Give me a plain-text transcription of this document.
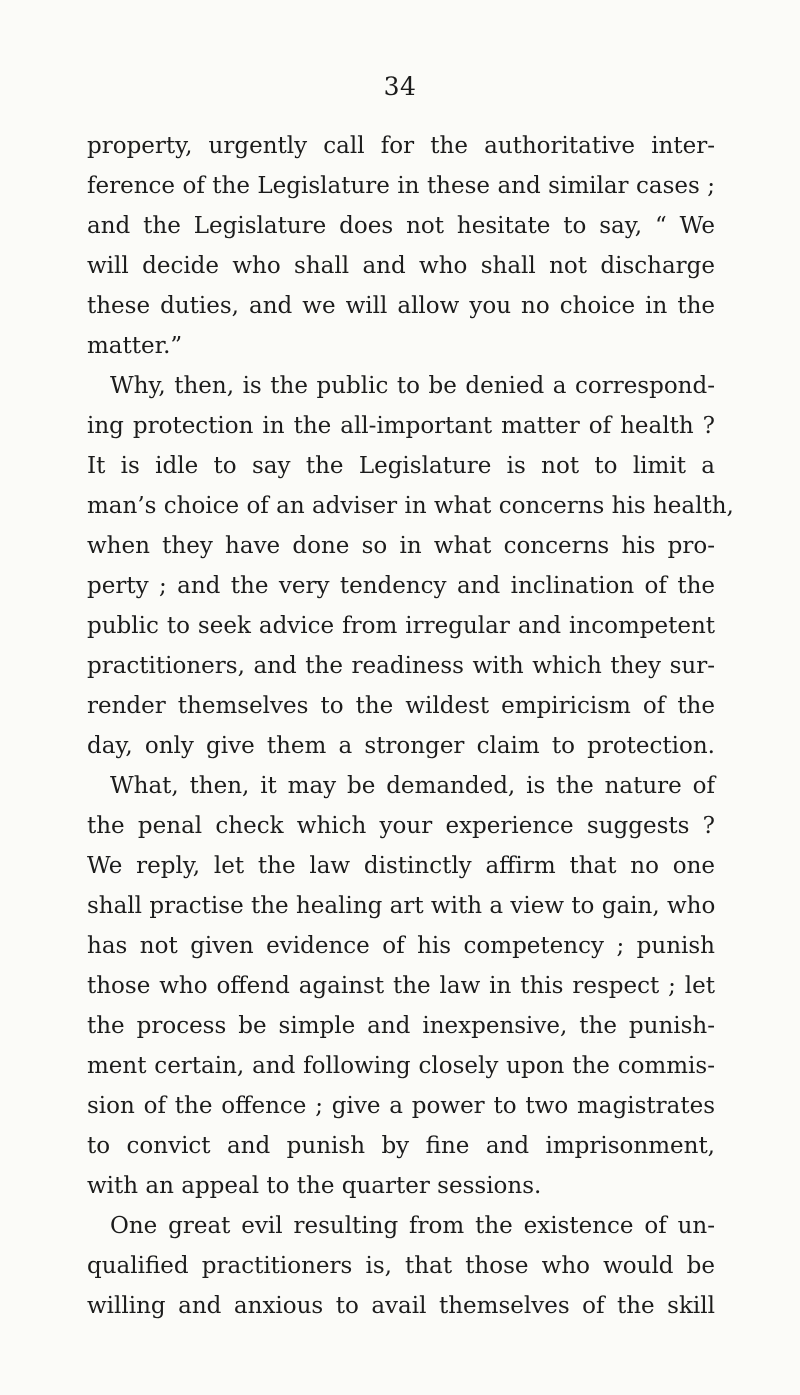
34
property, urgently call for the authoritative inter-
ference of the Legislature in these and similar cases ;
and the Legislature does not hesitate to say, “ We
will decide who shall and who shall not discharge
these duties, and we will allow you no choice in the
matter.”
Why, then, is the public to be denied a correspond-
ing protection in the all-important matter of health ?
It is idle to say the Legislature is not to limit a
man’s choice of an adviser in what concerns his health,
when they have done so in what concerns his pro-
perty ; and the very tendency and inclination of the
public to seek advice from irregular and incompetent
practitioners, and the readiness with which they sur-
render themselves to the wildest empiricism of the
day, only give them a stronger claim to protection.
What, then, it may be demanded, is the nature of
the penal check which your experience suggests ?
We reply, let the law distinctly affirm that no one
shall practise the healing art with a view to gain, who
has not given evidence of his competency ; punish
those who offend against the law in this respect ; let
the process be simple and inexpensive, the punish-
ment certain, and following closely upon the commis-
sion of the offence ; give a power to two magistrates
to convict and punish by fine and imprisonment,
with an appeal to the quarter sessions.
One great evil resulting from the existence of un-
qualified practitioners is, that those who would be
willing and anxious to avail themselves of the skill
